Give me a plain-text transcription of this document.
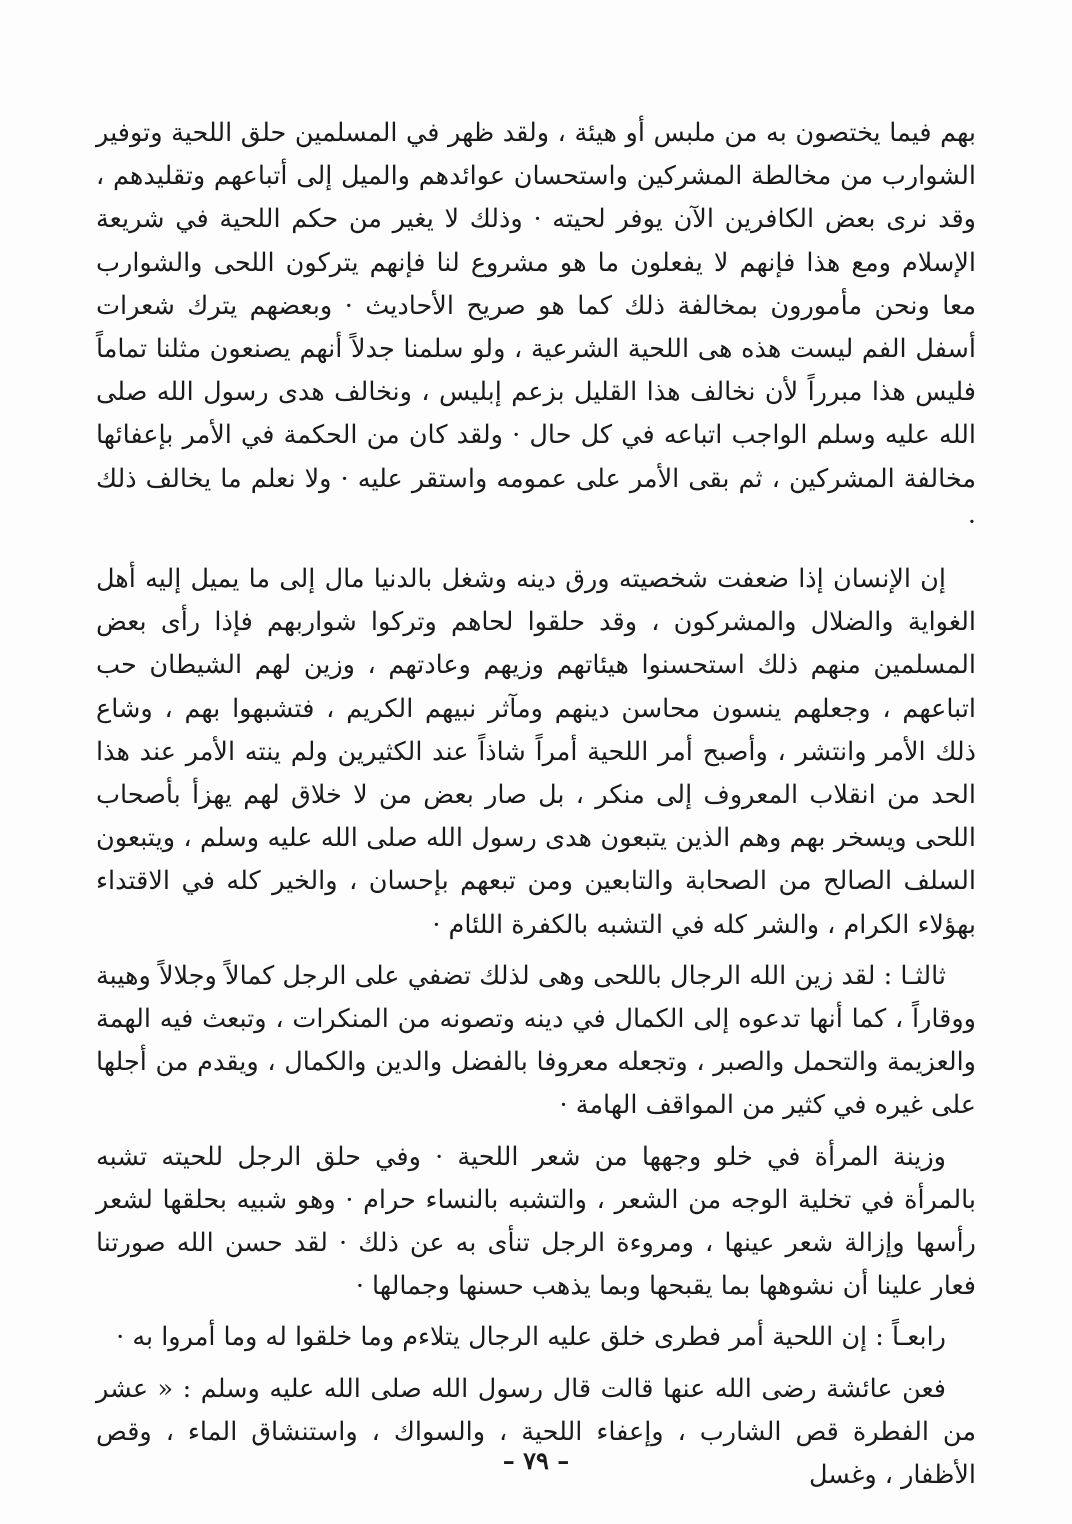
بهم فيما يختصون به من ملبس أو هيئة ، ولقد ظهر في المسلمين حلق اللحية وتوفير الشوارب من مخالطة المشركين واستحسان عوائدهم والميل إلى أتباعهم وتقليدهم ، وقد نرى بعض الكافرين الآن يوفر لحيته · وذلك لا يغير من حكم اللحية في شريعة الإسلام ومع هذا فإنهم لا يفعلون ما هو مشروع لنا فإنهم يتركون اللحى والشوارب معا ونحن مأمورون بمخالفة ذلك كما هو صريح الأحاديث · وبعضهم يترك شعرات أسفل الفم ليست هذه هى اللحية الشرعية ، ولو سلمنا جدلاً أنهم يصنعون مثلنا تماماً فليس هذا مبرراً لأن نخالف هذا القليل بزعم إبليس ، ونخالف هدى رسول الله صلى الله عليه وسلم الواجب اتباعه في كل حال · ولقد كان من الحكمة في الأمر بإعفائها مخالفة المشركين ، ثم بقى الأمر على عمومه واستقر عليه · ولا نعلم ما يخالف ذلك ·

إن الإنسان إذا ضعفت شخصيته ورق دينه وشغل بالدنيا مال إلى ما يميل إليه أهل الغواية والضلال والمشركون ، وقد حلقوا لحاهم وتركوا شواربهم فإذا رأى بعض المسلمين منهم ذلك استحسنوا هيئاتهم وزيهم وعادتهم ، وزين لهم الشيطان حب اتباعهم ، وجعلهم ينسون محاسن دينهم ومآثر نبيهم الكريم ، فتشبهوا بهم ، وشاع ذلك الأمر وانتشر ، وأصبح أمر اللحية أمراً شاذاً عند الكثيرين ولم ينته الأمر عند هذا الحد من انقلاب المعروف إلى منكر ، بل صار بعض من لا خلاق لهم يهزأ بأصحاب اللحى ويسخر بهم وهم الذين يتبعون هدى رسول الله صلى الله عليه وسلم ، ويتبعون السلف الصالح من الصحابة والتابعين ومن تبعهم بإحسان ، والخير كله في الاقتداء بهؤلاء الكرام ، والشر كله في التشبه بالكفرة اللئام ·

ثالثـا : لقد زين الله الرجال باللحى وهى لذلك تضفي على الرجل كمالاً وجلالاً وهيبة ووقاراً ، كما أنها تدعوه إلى الكمال في دينه وتصونه من المنكرات ، وتبعث فيه الهمة والعزيمة والتحمل والصبر ، وتجعله معروفا بالفضل والدين والكمال ، ويقدم من أجلها على غيره في كثير من المواقف الهامة ·

وزينة المرأة في خلو وجهها من شعر اللحية · وفي حلق الرجل للحيته تشبه بالمرأة في تخلية الوجه من الشعر ، والتشبه بالنساء حرام · وهو شبيه بحلقها لشعر رأسها وإزالة شعر عينها ، ومروءة الرجل تنأى به عن ذلك · لقد حسن الله صورتنا فعار علينا أن نشوهها بما يقبحها وبما يذهب حسنها وجمالها ·

رابعـاً : إن اللحية أمر فطرى خلق عليه الرجال يتلاءم وما خلقوا له وما أمروا به ·

فعن عائشة رضى الله عنها قالت قال رسول الله صلى الله عليه وسلم : « عشر من الفطرة قص الشارب ، وإعفاء اللحية ، والسواك ، واستنشاق الماء ، وقص الأظفار ، وغسل

– ٧٩ –
